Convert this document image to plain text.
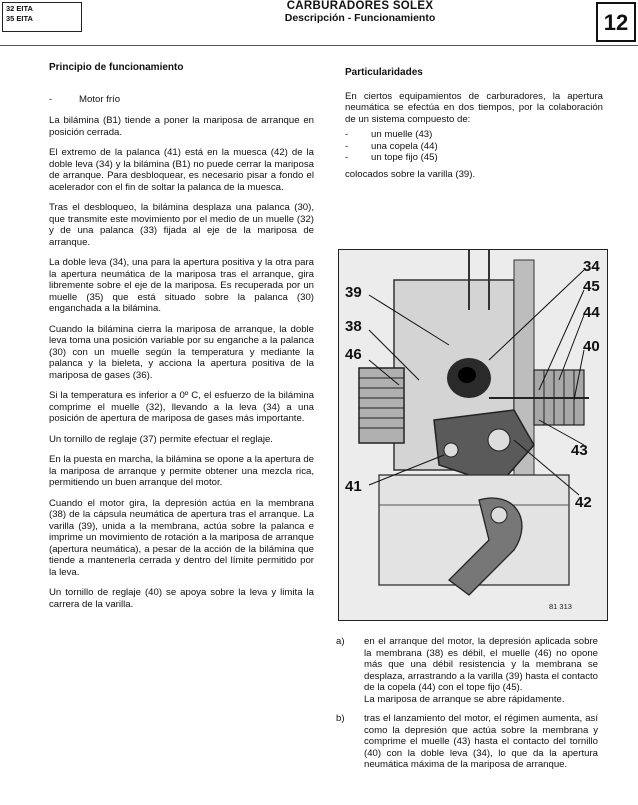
32 EITA
35 EITA
CARBURADORES SOLEX
Descripción - Funcionamiento	12

Principio de funcionamiento

-	Motor frío

La bilámina (B1) tiende a poner la mariposa de arranque en posición cerrada.

El extremo de la palanca (41) está en la muesca (42) de la doble leva (34) y la bilámina (B1) no puede cerrar la mariposa de arranque. Para desbloquear, es necesario pisar a fondo el acelerador con el fin de soltar la palanca de la muesca.

Tras el desbloqueo, la bilámina desplaza una palanca (30), que transmite este movimiento por el medio de un muelle (32) y de una palanca (33) fijada al eje de la mariposa de arranque.

La doble leva (34), una para la apertura positiva y la otra para la apertura neumática de la mariposa tras el arranque, gira libremente sobre el eje de la mariposa. Es recuperada por un muelle (35) que está situado sobre la palanca (30) enganchada a la bilámina.

Cuando la bilámina cierra la mariposa de arranque, la doble leva toma una posición variable por su enganche a la palanca (30) con un muelle según la temperatura y mediante la palanca y la bieleta, y acciona la apertura positiva de la mariposa de gases (36).

Si la temperatura es inferior a 0º C, el esfuerzo de la bilámina comprime el muelle (32), llevando a la leva (34) a una posición de apertura de mariposa de gases más importante.

Un tornillo de reglaje (37) permite efectuar el reglaje.

En la puesta en marcha, la bilámina se opone a la apertura de la mariposa de arranque y permite obtener una mezcla rica, permitiendo un buen arranque del motor.

Cuando el motor gira, la depresión actúa en la membrana (38) de la cápsula neumática de apertura tras el arranque. La varilla (39), unida a la membrana, actúa sobre la palanca e imprime un movimiento de rotación a la mariposa de arranque (apertura neumática), a pesar de la acción de la bilámina que tiende a mantenerla cerrada y dentro del límite permitido por la leva.

Un tornillo de reglaje (40) se apoya sobre la leva y limita la carrera de la varilla.

Particularidades

En ciertos equipamientos de carburadores, la apertura neumática se efectúa en dos tiempos, por la colaboración de un sistema compuesto de:

-	un muelle (43)
-	una copela (44)
-	un tope fijo (45)

colocados sobre la varilla (39).

34
45
44
40
43
42
41
46
38
39
81 313
a)	en el arranque del motor, la depresión aplicada sobre la membrana (38) es débil, el muelle (46) no opone más que una débil resistencia y la membrana se desplaza, arrastrando a la varilla (39) hasta el contacto de la copela (44) con el tope fijo (45).
La mariposa de arranque se abre rápidamente.
b)	tras el lanzamiento del motor, el régimen aumenta, así como la depresión que actúa sobre la membrana y comprime el muelle (43) hasta el contacto del tornillo (40) con la doble leva (34), lo que da la apertura neumática máxima de la mariposa de arranque.
